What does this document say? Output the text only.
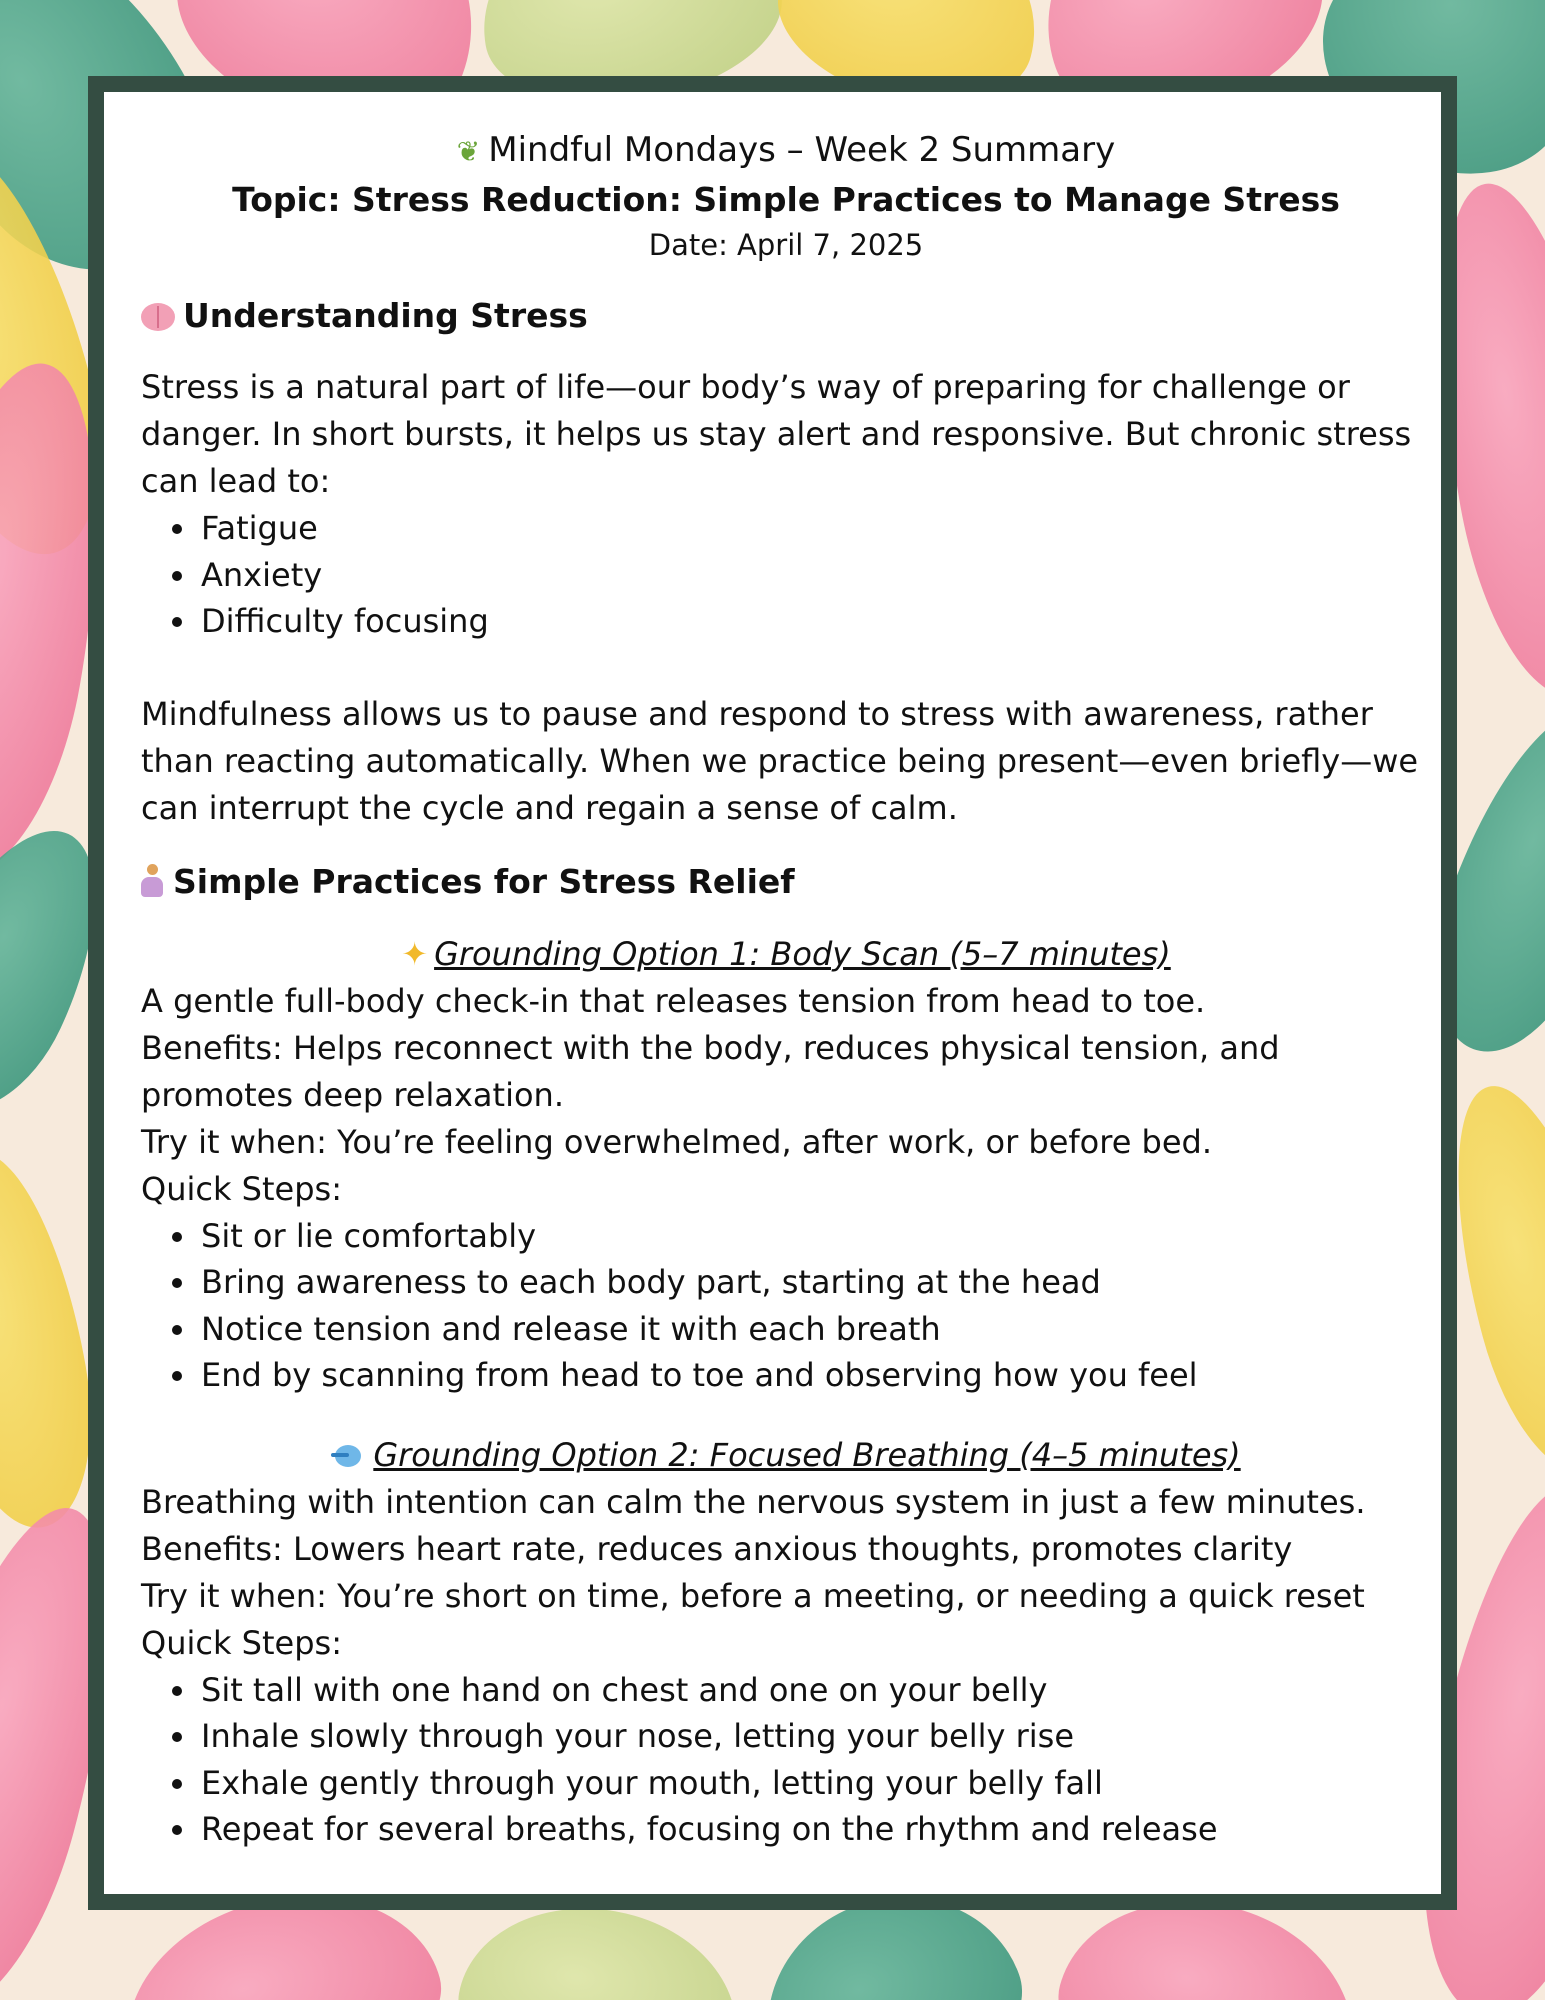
❦ Mindful Mondays – Week 2 Summary
Topic: Stress Reduction: Simple Practices to Manage Stress
Date: April 7, 2025
Understanding Stress
Stress is a natural part of life—our body’s way of preparing for challenge or danger. In short bursts, it helps us stay alert and responsive. But chronic stress can lead to:
• Fatigue
• Anxiety
• Difficulty focusing
Mindfulness allows us to pause and respond to stress with awareness, rather than reacting automatically. When we practice being present—even briefly—we can interrupt the cycle and regain a sense of calm.
Simple Practices for Stress Relief
✦ Grounding Option 1: Body Scan (5–7 minutes)
A gentle full-body check-in that releases tension from head to toe.
Benefits: Helps reconnect with the body, reduces physical tension, and promotes deep relaxation.
Try it when: You’re feeling overwhelmed, after work, or before bed.
Quick Steps:
• Sit or lie comfortably
• Bring awareness to each body part, starting at the head
• Notice tension and release it with each breath
• End by scanning from head to toe and observing how you feel
Grounding Option 2: Focused Breathing (4–5 minutes)
Breathing with intention can calm the nervous system in just a few minutes.
Benefits: Lowers heart rate, reduces anxious thoughts, promotes clarity
Try it when: You’re short on time, before a meeting, or needing a quick reset
Quick Steps:
• Sit tall with one hand on chest and one on your belly
• Inhale slowly through your nose, letting your belly rise
• Exhale gently through your mouth, letting your belly fall
• Repeat for several breaths, focusing on the rhythm and release
